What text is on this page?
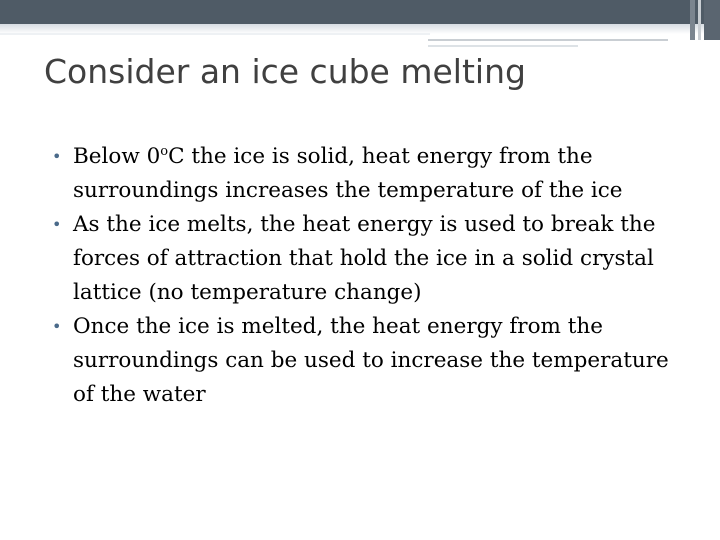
Consider an ice cube melting
• Below 0$^o$C the ice is solid, heat energy from the surroundings increases the temperature of the ice
• As the ice melts, the heat energy is used to break the forces of attraction that hold the ice in a solid crystal lattice (no temperature change)
• Once the ice is melted, the heat energy from the surroundings can be used to increase the temperature of the water
